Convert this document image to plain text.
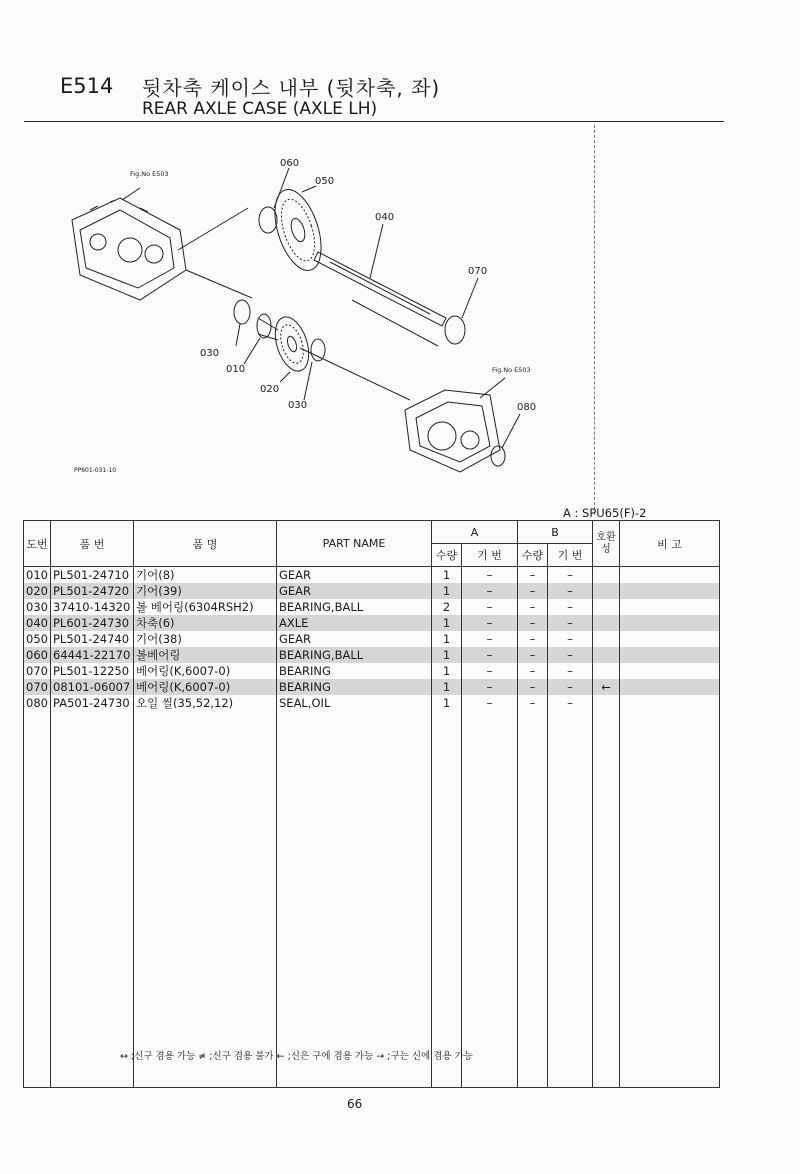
E514 뒷차축 케이스 내부 (뒷차축, 좌)
REAR AXLE CASE (AXLE LH)
Fig.No E503
060
050
040
070
030
010
020
030
Fig.No E503
080
PP601-031-10
A : SPU65(F)-2
도번	품 번	품 명	PART NAME	A		B		호환성	비 고
				수량	기 번	수량	기 번		
010	PL501-24710	기어(8)	GEAR	1	–	–	–		
020	PL501-24720	기어(39)	GEAR	1	–	–	–		
030	37410-14320	볼 베어링(6304RSH2)	BEARING,BALL	2	–	–	–		
040	PL601-24730	차축(6)	AXLE	1	–	–	–		
050	PL501-24740	기어(38)	GEAR	1	–	–	–		
060	64441-22170	볼베어링	BEARING,BALL	1	–	–	–		
070	PL501-12250	베어링(K,6007-0)	BEARING	1	–	–	–		
070	08101-06007	베어링(K,6007-0)	BEARING	1	–	–	–	←	
080	PA501-24730	오일 씰(35,52,12)	SEAL,OIL	1	–	–	–		

↔ ;신구 겸용 가능 ≠ ;신구 겸용 불가 ← ;신은 구에 겸용 가능 → ;구는 신에 겸용 가능
66
